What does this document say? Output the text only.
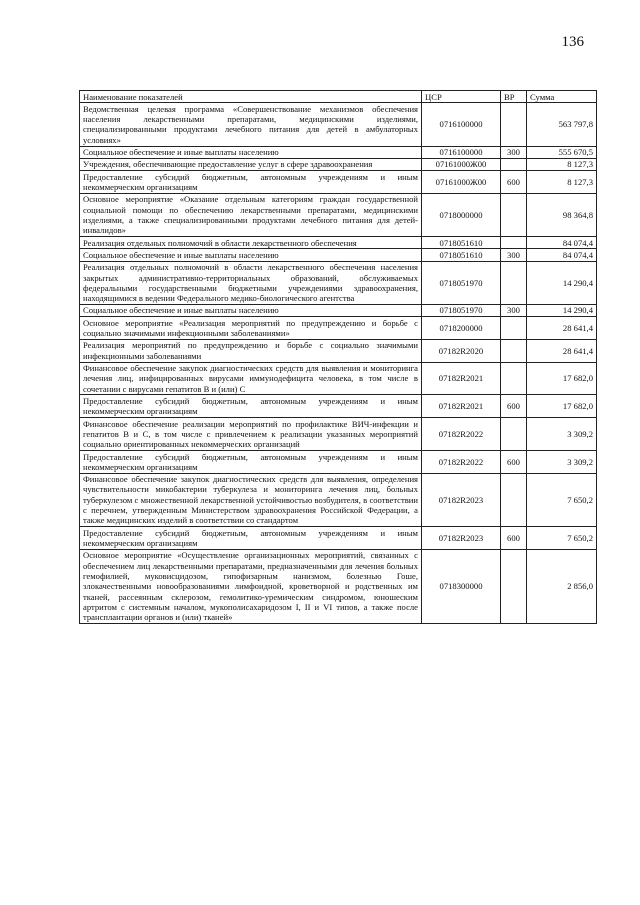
136
Наименование показателей	ЦСР	ВР	Сумма
Ведомственная целевая программа «Совершенствование механизмов обеспечения населения лекарственными препаратами, медицинскими изделиями, специализированными продуктами лечебного питания для детей в амбулаторных условиях»	0716100000		563 797,8
Социальное обеспечение и иные выплаты населению	0716100000	300	555 670,5
Учреждения, обеспечивающие предоставление услуг в сфере здравоохранения	07161000Ж00		8 127,3
Предоставление субсидий бюджетным, автономным учреждениям и иным некоммерческим организациям	07161000Ж00	600	8 127,3
Основное мероприятие «Оказание отдельным категориям граждан государственной социальной помощи по обеспечению лекарственными препаратами, медицинскими изделиями, а также специализированными продуктами лечебного питания для детей-инвалидов»	0718000000		98 364,8
Реализация отдельных полномочий в области лекарственного обеспечения	0718051610		84 074,4
Социальное обеспечение и иные выплаты населению	0718051610	300	84 074,4
Реализация отдельных полномочий в области лекарственного обеспечения населения закрытых административно-территориальных образований, обслуживаемых федеральными государственными бюджетными учреждениями здравоохранения, находящимися в ведении Федерального медико-биологического агентства	0718051970		14 290,4
Социальное обеспечение и иные выплаты населению	0718051970	300	14 290,4
Основное мероприятие «Реализация мероприятий по предупреждению и борьбе с социально значимыми инфекционными заболеваниями»	0718200000		28 641,4
Реализация мероприятий по предупреждению и борьбе с социально значимыми инфекционными заболеваниями	07182R2020		28 641,4
Финансовое обеспечение закупок диагностических средств для выявления и мониторинга лечения лиц, инфицированных вирусами иммунодефицита человека, в том числе в сочетании с вирусами гепатитов В и (или) С	07182R2021		17 682,0
Предоставление субсидий бюджетным, автономным учреждениям и иным некоммерческим организациям	07182R2021	600	17 682,0
Финансовое обеспечение реализации мероприятий по профилактике ВИЧ-инфекции и гепатитов В и С, в том числе с привлечением к реализации указанных мероприятий социально ориентированных некоммерческих организаций	07182R2022		3 309,2
Предоставление субсидий бюджетным, автономным учреждениям и иным некоммерческим организациям	07182R2022	600	3 309,2
Финансовое обеспечение закупок диагностических средств для выявления, определения чувствительности микобактерии туберкулеза и мониторинга лечения лиц, больных туберкулезом с множественной лекарственной устойчивостью возбудителя, в соответствии с перечнем, утвержденным Министерством здравоохранения Российской Федерации, а также медицинских изделий в соответствии со стандартом	07182R2023		7 650,2
Предоставление субсидий бюджетным, автономным учреждениям и иным некоммерческим организациям	07182R2023	600	7 650,2
Основное мероприятие «Осуществление организационных мероприятий, связанных с обеспечением лиц лекарственными препаратами, предназначенными для лечения больных гемофилией, муковисцидозом, гипофизарным нанизмом, болезнью Гоше, злокачественными новообразованиями лимфоидной, кроветворной и родственных им тканей, рассеянным склерозом, гемолитико-уремическим синдромом, юношеским артритом с системным началом, мукополисахаридозом I, II и VI типов, а также после трансплантации органов и (или) тканей»	0718300000		2 856,0
